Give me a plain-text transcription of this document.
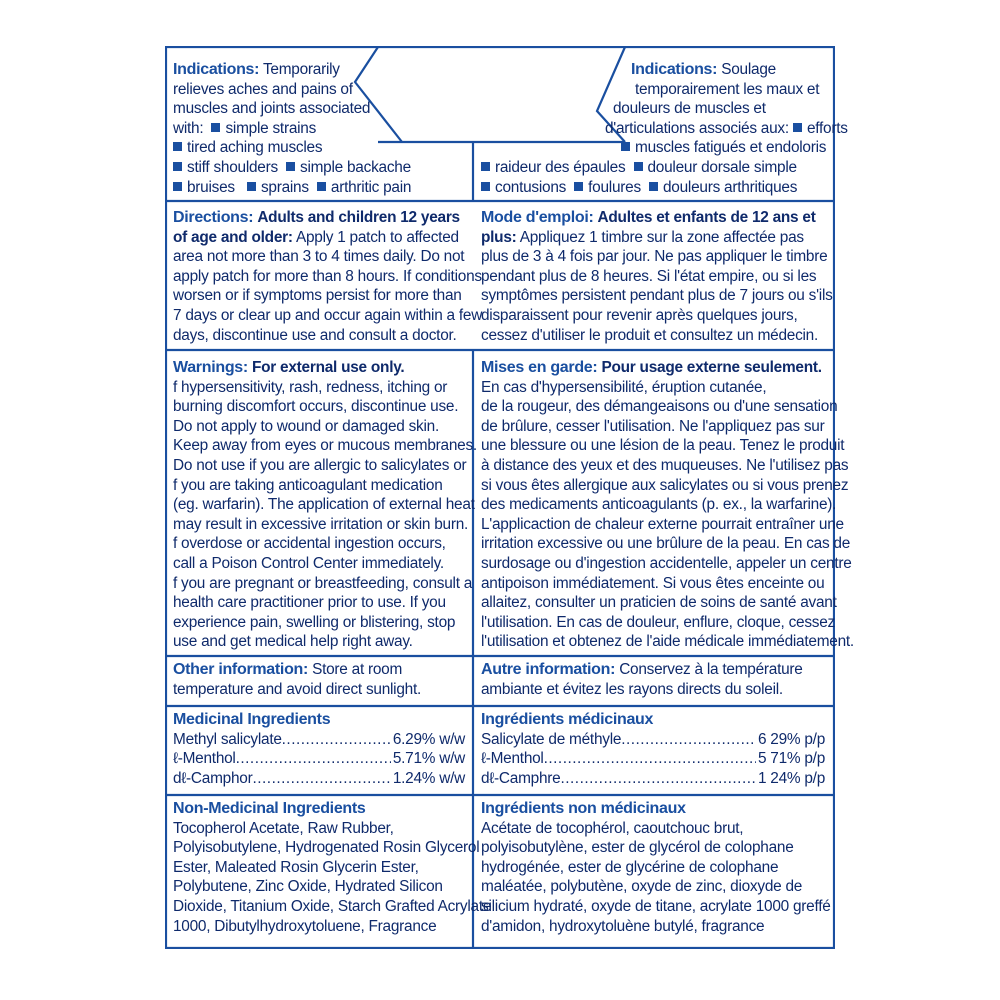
Indications: Temporarily
relieves aches and pains of
muscles and joints associated
with: simple strains
tired aching muscles
stiff shoulders simple backache
bruises sprains arthritic pain
Indications: Soulage
temporairement les maux et
douleurs de muscles et
d'articulations associés aux: efforts
muscles fatigués et endoloris
raideur des épaules douleur dorsale simple
contusions foulures douleurs arthritiques
Directions: Adults and children 12 years
of age and older: Apply 1 patch to affected
area not more than 3 to 4 times daily. Do not
apply patch for more than 8 hours. If conditions
worsen or if symptoms persist for more than
7 days or clear up and occur again within a few
days, discontinue use and consult a doctor.
Mode d'emploi: Adultes et enfants de 12 ans et
plus: Appliquez 1 timbre sur la zone affectée pas
plus de 3 à 4 fois par jour. Ne pas appliquer le timbre
pendant plus de 8 heures. Si l'état empire, ou si les
symptômes persistent pendant plus de 7 jours ou s'ils
disparaissent pour revenir après quelques jours,
cessez d'utiliser le produit et consultez un médecin.
Warnings: For external use only.
f hypersensitivity, rash, redness, itching or
burning discomfort occurs, discontinue use.
Do not apply to wound or damaged skin.
Keep away from eyes or mucous membranes.
Do not use if you are allergic to salicylates or
f you are taking anticoagulant medication
(eg. warfarin). The application of external heat
may result in excessive irritation or skin burn.
f overdose or accidental ingestion occurs,
call a Poison Control Center immediately.
f you are pregnant or breastfeeding, consult a
health care practitioner prior to use. If you
experience pain, swelling or blistering, stop
use and get medical help right away.
Mises en garde: Pour usage externe seulement.
En cas d'hypersensibilité, éruption cutanée,
de la rougeur, des démangeaisons ou d'une sensation
de brûlure, cesser l'utilisation. Ne l'appliquez pas sur
une blessure ou une lésion de la peau. Tenez le produit
à distance des yeux et des muqueuses. Ne l'utilisez pas
si vous êtes allergique aux salicylates ou si vous prenez
des medicaments anticoagulants (p. ex., la warfarine).
L'applicaction de chaleur externe pourrait entraîner une
irritation excessive ou une brûlure de la peau. En cas de
surdosage ou d'ingestion accidentelle, appeler un centre
antipoison immédiatement. Si vous êtes enceinte ou
allaitez, consulter un praticien de soins de santé avant
l'utilisation. En cas de douleur, enflure, cloque, cessez
l'utilisation et obtenez de l'aide médicale immédiatement.
Other information: Store at room
temperature and avoid direct sunlight.
Autre information: Conservez à la température
ambiante et évitez les rayons directs du soleil.
Medicinal Ingredients
Methyl salicylate .....	6.29% w/w
ℓ-Menthol .....	5.71% w/w
dℓ-Camphor .....	1.24% w/w
Ingrédients médicinaux
Salicylate de méthyle .....	6 29% p/p
ℓ-Menthol .....	5 71% p/p
dℓ-Camphre .....	1 24% p/p
Non-Medicinal Ingredients
Tocopherol Acetate, Raw Rubber,
Polyisobutylene, Hydrogenated Rosin Glycerol
Ester, Maleated Rosin Glycerin Ester,
Polybutene, Zinc Oxide, Hydrated Silicon
Dioxide, Titanium Oxide, Starch Grafted Acrylate
1000, Dibutylhydroxytoluene, Fragrance
Ingrédients non médicinaux
Acétate de tocophérol, caoutchouc brut,
polyisobutylène, ester de glycérol de colophane
hydrogénée, ester de glycérine de colophane
maléatée, polybutène, oxyde de zinc, dioxyde de
silicium hydraté, oxyde de titane, acrylate 1000 greffé
d'amidon, hydroxytoluène butylé, fragrance
